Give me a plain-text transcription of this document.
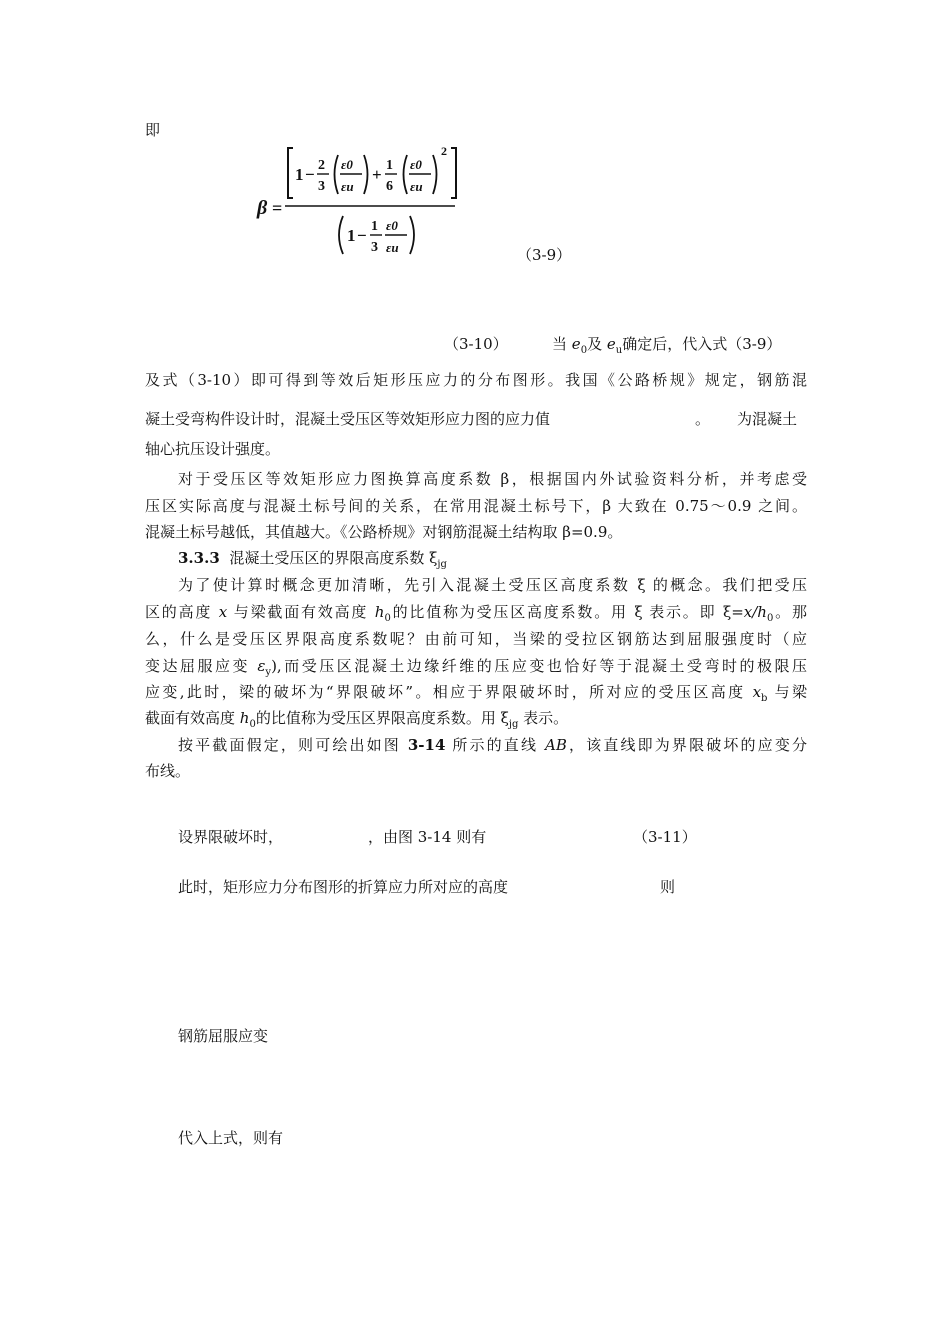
即
β =
1 − 2
3
ε0
εu
+ 1
6
ε0
εu
2
1 − 1
3
ε0
εu	（3-9）
（3-10）	当 $e_0$及 $e_u$确定后，代入式（3-9）
及式（3-10）即可得到等效后矩形压应力的分布图形。我国《公路桥规》规定，钢筋混
凝土受弯构件设计时，混凝土受压区等效矩形应力图的应力值	。 为混凝土
轴心抗压设计强度。
对于受压区等效矩形应力图换算高度系数 β，根据国内外试验资料分析，并考虑受
压区实际高度与混凝土标号间的关系，在常用混凝土标号下，β 大致在 0.75～0.9 之间。
混凝土标号越低，其值越大。《公路桥规》对钢筋混凝土结构取 β=0.9。
3.3.3 混凝土受压区的界限高度系数 $\xi_{jg}$
为了使计算时概念更加清晰，先引入混凝土受压区高度系数 ξ 的概念。我们把受压
区的高度 x 与梁截面有效高度 $h_0$的比值称为受压区高度系数。用 ξ 表示。即 $\xi=x/h_0$。那
么，什么是受压区界限高度系数呢？由前可知，当梁的受拉区钢筋达到屈服强度时（应
变达屈服应变 $\varepsilon_y$),而受压区混凝土边缘纤维的压应变也恰好等于混凝土受弯时的极限压
应变,此时，梁的破坏为“界限破坏”。相应于界限破坏时，所对应的受压区高度 $x_b$ 与梁
截面有效高度 $h_0$的比值称为受压区界限高度系数。用 $\xi_{jg}$ 表示。
按平截面假定，则可绘出如图 3-14 所示的直线 AB，该直线即为界限破坏的应变分
布线。
设界限破坏时，	，由图 3-14 则有	（3-11）
此时，矩形应力分布图形的折算应力所对应的高度	则
钢筋屈服应变
代入上式，则有
